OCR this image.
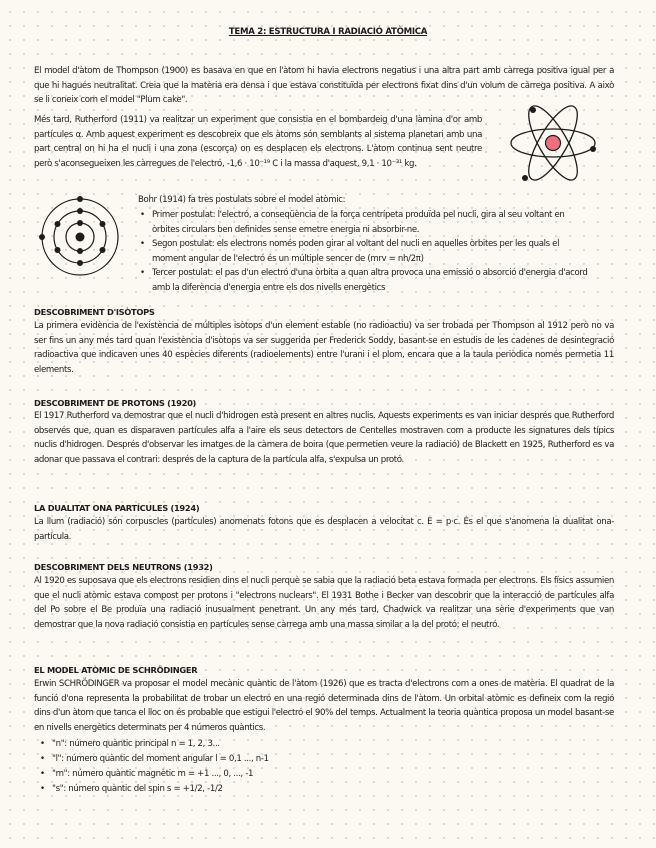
TEMA 2: ESTRUCTURA I RADIACIÓ ATÒMICA

El model d'àtom de Thompson (1900) es basava en que en l'àtom hi havia electrons negatius i una altra part amb càrrega positiva igual per a que hi hagués neutralitat. Creia que la matèria era densa i que estava constituïda per electrons fixat dins d'un volum de càrrega positiva. A això se li coneix com el model "Plum cake".

Més tard, Rutherford (1911) va realitzar un experiment que consistia en el bombardeig d'una làmina d'or amb partícules α. Amb aquest experiment es descobreix que els àtoms són semblants al sistema planetari amb una part central on hi ha el nucli i una zona (escorça) on es desplacen els electrons. L'àtom continua sent neutre però s'aconsegueixen les càrregues de l'electró, -1,6 · 10⁻¹⁹ C i la massa d'aquest, 9,1 · 10⁻³¹ kg.

Bohr (1914) fa tres postulats sobre el model atòmic:
• Primer postulat: l'electró, a conseqüència de la força centrípeta produïda pel nucli, gira al seu voltant en òrbites circulars ben definides sense emetre energia ni absorbir-ne.
• Segon postulat: els electrons només poden girar al voltant del nucli en aquelles òrbites per les quals el moment angular de l'electró és un múltiple sencer de (mrv = nh/2π)
• Tercer postulat: el pas d'un electró d'una òrbita a quan altra provoca una emissió o absorció d'energia d'acord amb la diferència d'energia entre els dos nivells energètics
DESCOBRIMENT D'ISÒTOPS

La primera evidència de l'existència de múltiples isòtops d'un element estable (no radioactiu) va ser trobada per Thompson al 1912 però no va ser fins un any més tard quan l'existència d'isòtops va ser suggerida per Frederick Soddy, basant-se en estudis de les cadenes de desintegració radioactiva que indicaven unes 40 espècies diferents (radioelements) entre l'urani i el plom, encara que a la taula periòdica només permetia 11 elements.

DESCOBRIMENT DE PROTONS (1920)

El 1917 Rutherford va demostrar que el nucli d'hidrogen està present en altres nuclis. Aquests experiments es van iniciar després que Rutherford observés que, quan es disparaven partícules alfa a l'aire els seus detectors de Centelles mostraven com a producte les signatures dels típics nuclis d'hidrogen. Després d'observar les imatges de la càmera de boira (que permetien veure la radiació) de Blackett en 1925, Rutherford es va adonar que passava el contrari: després de la captura de la partícula alfa, s'expulsa un protó.

LA DUALITAT ONA PARTÍCULES (1924)

La llum (radiació) són corpuscles (partícules) anomenats fotons que es desplacen a velocitat c. E = p·c. És el que s'anomena la dualitat ona-partícula.

DESCOBRIMENT DELS NEUTRONS (1932)

Al 1920 es suposava que els electrons residien dins el nucli perquè se sabia que la radiació beta estava formada per electrons. Els físics assumien que el nucli atòmic estava compost per protons i "electrons nuclears". El 1931 Bothe i Becker van descobrir que la interacció de partícules alfa del Po sobre el Be produïa una radiació inusualment penetrant. Un any més tard, Chadwick va realitzar una sèrie d'experiments que van demostrar que la nova radiació consistia en partícules sense càrrega amb una massa similar a la del protó: el neutró.

EL MODEL ATÒMIC DE SCHRÖDINGER

Erwin SCHRÖDINGER va proposar el model mecànic quàntic de l'àtom (1926) que es tracta d'electrons com a ones de matèria. El quadrat de la funció d'ona representa la probabilitat de trobar un electró en una regió determinada dins de l'àtom. Un orbital atòmic es defineix com la regió dins d'un àtom que tanca el lloc on és probable que estigui l'electró el 90% del temps. Actualment la teoria quàntica proposa un model basant-se en nivells energètics determinats per 4 números quàntics.

• "n": número quàntic principal n = 1, 2, 3...
• "l": número quàntic del moment angular l = 0,1 ..., n-1
• "m": número quàntic magnètic m = +1 ..., 0, ..., -1
• "s": número quàntic del spin s = +1/2, -1/2
